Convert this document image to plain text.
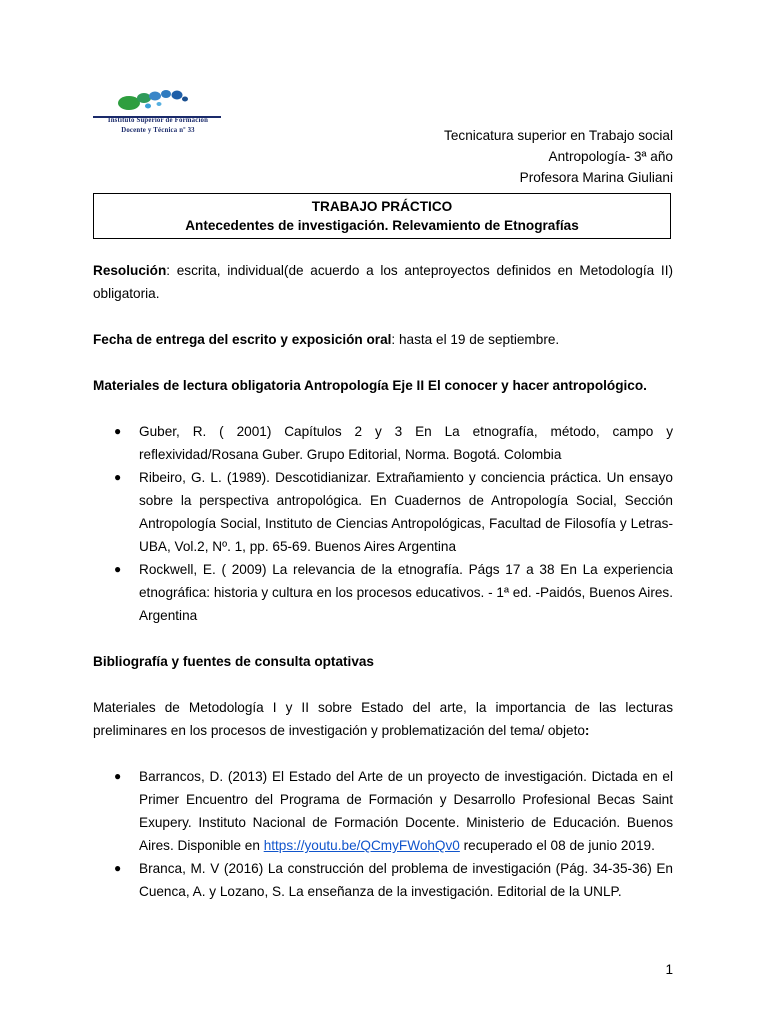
Instituto Superior de Formación
Docente y Técnica nº 33	Tecnicatura superior en Trabajo social
Antropología- 3ª año
Profesora Marina Giuliani
TRABAJO PRÁCTICO
Antecedentes de investigación. Relevamiento de Etnografías

Resolución: escrita, individual(de acuerdo a los anteproyectos definidos en Metodología II) obligatoria.

Fecha de entrega del escrito y exposición oral: hasta el 19 de septiembre.

Materiales de lectura obligatoria Antropología Eje II El conocer y hacer antropológico.

● Guber, R. ( 2001) Capítulos 2 y 3 En La etnografía, método, campo y reflexividad/Rosana Guber. Grupo Editorial, Norma. Bogotá. Colombia
● Ribeiro, G. L. (1989). Descotidianizar. Extrañamiento y conciencia práctica. Un ensayo sobre la perspectiva antropológica. En Cuadernos de Antropología Social, Sección Antropología Social, Instituto de Ciencias Antropológicas, Facultad de Filosofía y Letras-UBA, Vol.2, Nº. 1, pp. 65-69. Buenos Aires Argentina
● Rockwell, E. ( 2009) La relevancia de la etnografía. Págs 17 a 38 En La experiencia etnográfica: historia y cultura en los procesos educativos. - 1ª ed. -Paidós, Buenos Aires. Argentina

Bibliografía y fuentes de consulta optativas

Materiales de Metodología I y II sobre Estado del arte, la importancia de las lecturas preliminares en los procesos de investigación y problematización del tema/ objeto:

● Barrancos, D. (2013) El Estado del Arte de un proyecto de investigación. Dictada en el Primer Encuentro del Programa de Formación y Desarrollo Profesional Becas Saint Exupery. Instituto Nacional de Formación Docente. Ministerio de Educación. Buenos Aires. Disponible en https://youtu.be/QCmyFWohQv0 recuperado el 08 de junio 2019.
● Branca, M. V (2016) La construcción del problema de investigación (Pág. 34-35-36) En Cuenca, A. y Lozano, S. La enseñanza de la investigación. Editorial de la UNLP.
1
